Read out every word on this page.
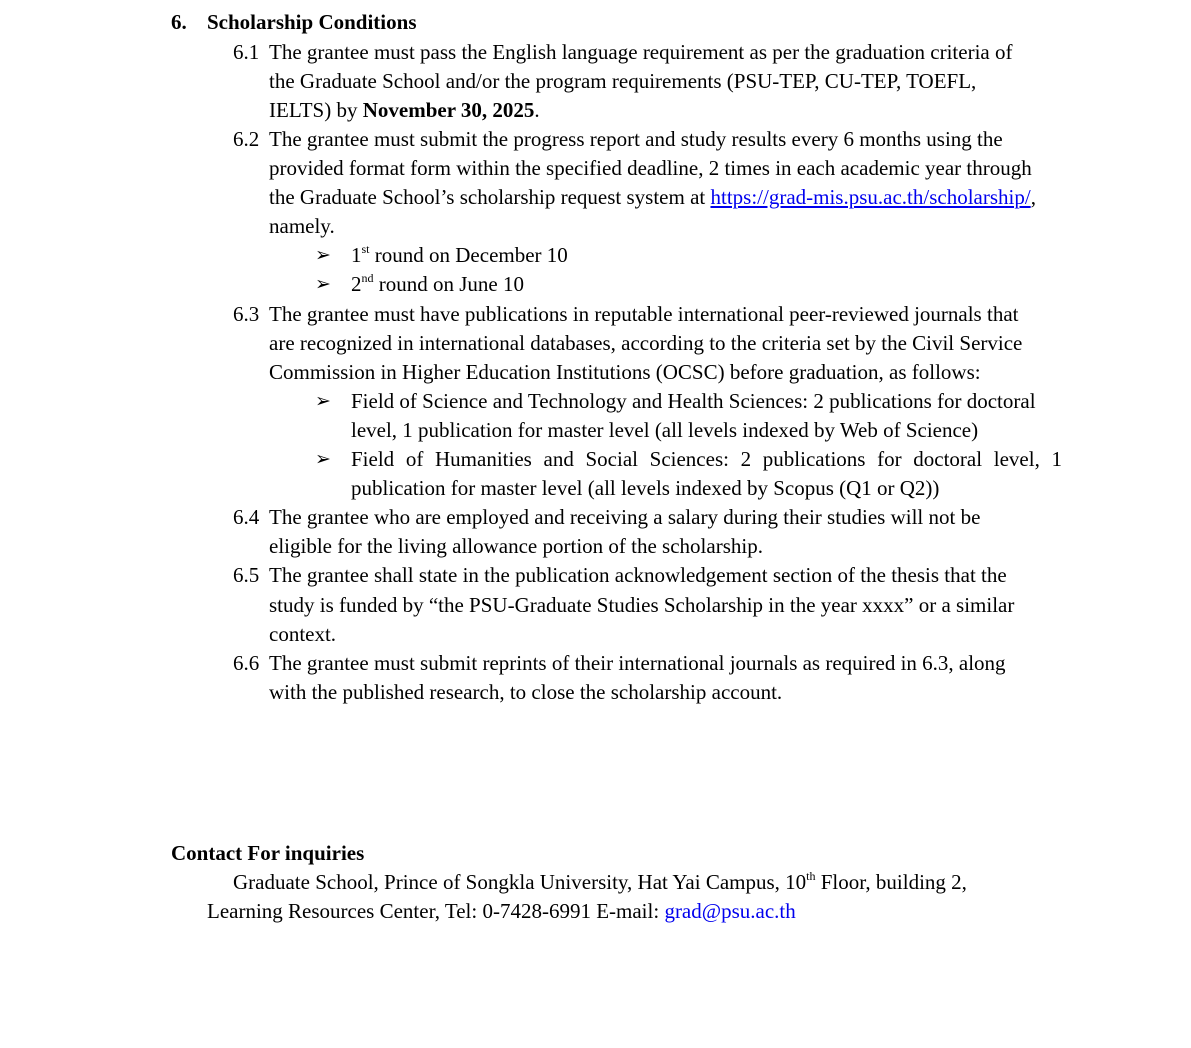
6. Scholarship Conditions
6.1 The grantee must pass the English language requirement as per the graduation criteria of
the Graduate School and/or the program requirements (PSU-TEP, CU-TEP, TOEFL,
IELTS) by November 30, 2025.
6.2 The grantee must submit the progress report and study results every 6 months using the
provided format form within the specified deadline, 2 times in each academic year through
the Graduate School’s scholarship request system at https://grad-mis.psu.ac.th/scholarship/,
namely.
➢ 1st round on December 10
➢ 2nd round on June 10
6.3 The grantee must have publications in reputable international peer-reviewed journals that
are recognized in international databases, according to the criteria set by the Civil Service
Commission in Higher Education Institutions (OCSC) before graduation, as follows:
➢ Field of Science and Technology and Health Sciences: 2 publications for doctoral
level, 1 publication for master level (all levels indexed by Web of Science)
➢ Field of Humanities and Social Sciences: 2 publications for doctoral level, 1
publication for master level (all levels indexed by Scopus (Q1 or Q2))
6.4 The grantee who are employed and receiving a salary during their studies will not be
eligible for the living allowance portion of the scholarship.
6.5 The grantee shall state in the publication acknowledgement section of the thesis that the
study is funded by “the PSU-Graduate Studies Scholarship in the year xxxx” or a similar
context.
6.6 The grantee must submit reprints of their international journals as required in 6.3, along
with the published research, to close the scholarship account.
Contact For inquiries
Graduate School, Prince of Songkla University, Hat Yai Campus, 10th Floor, building 2,
Learning Resources Center, Tel: 0-7428-6991 E-mail: grad@psu.ac.th
